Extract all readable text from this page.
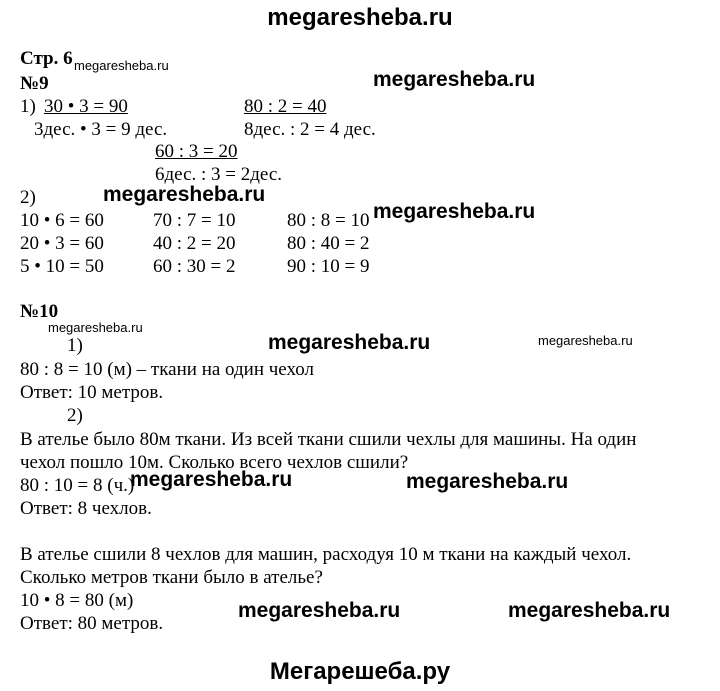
megaresheba.ru
Стр. 6
№9
1) 30 • 3 = 90
3дес. • 3 = 9 дес.
80 : 2 = 40
8дес. : 2 = 4 дес.
60 : 3 = 20
6дес. : 3 = 2дес.
2)
10 • 6 = 60	70 : 7 = 10	80 : 8 = 10
20 • 3 = 60	40 : 2 = 20	80 : 40 = 2
5 • 10 = 50	60 : 30 = 2	90 : 10 = 9
№10
1)
80 : 8 = 10 (м) – ткани на один чехол
Ответ: 10 метров.
2)
В ателье было 80м ткани. Из всей ткани сшили чехлы для машины. На один
чехол пошло 10м. Сколько всего чехлов сшили?
80 : 10 = 8 (ч.)
Ответ: 8 чехлов.
В ателье сшили 8 чехлов для машин, расходуя 10 м ткани на каждый чехол.
Сколько метров ткани было в ателье?
10 • 8 = 80 (м)
Ответ: 80 метров.
megaresheba.ru
megaresheba.ru
megaresheba.ru
megaresheba.ru
megaresheba.ru	megaresheba.ru
megaresheba.ru	megaresheba.ru
megaresheba.ru
megaresheba.ru
megaresheba.ru
Мегарешеба.ру
